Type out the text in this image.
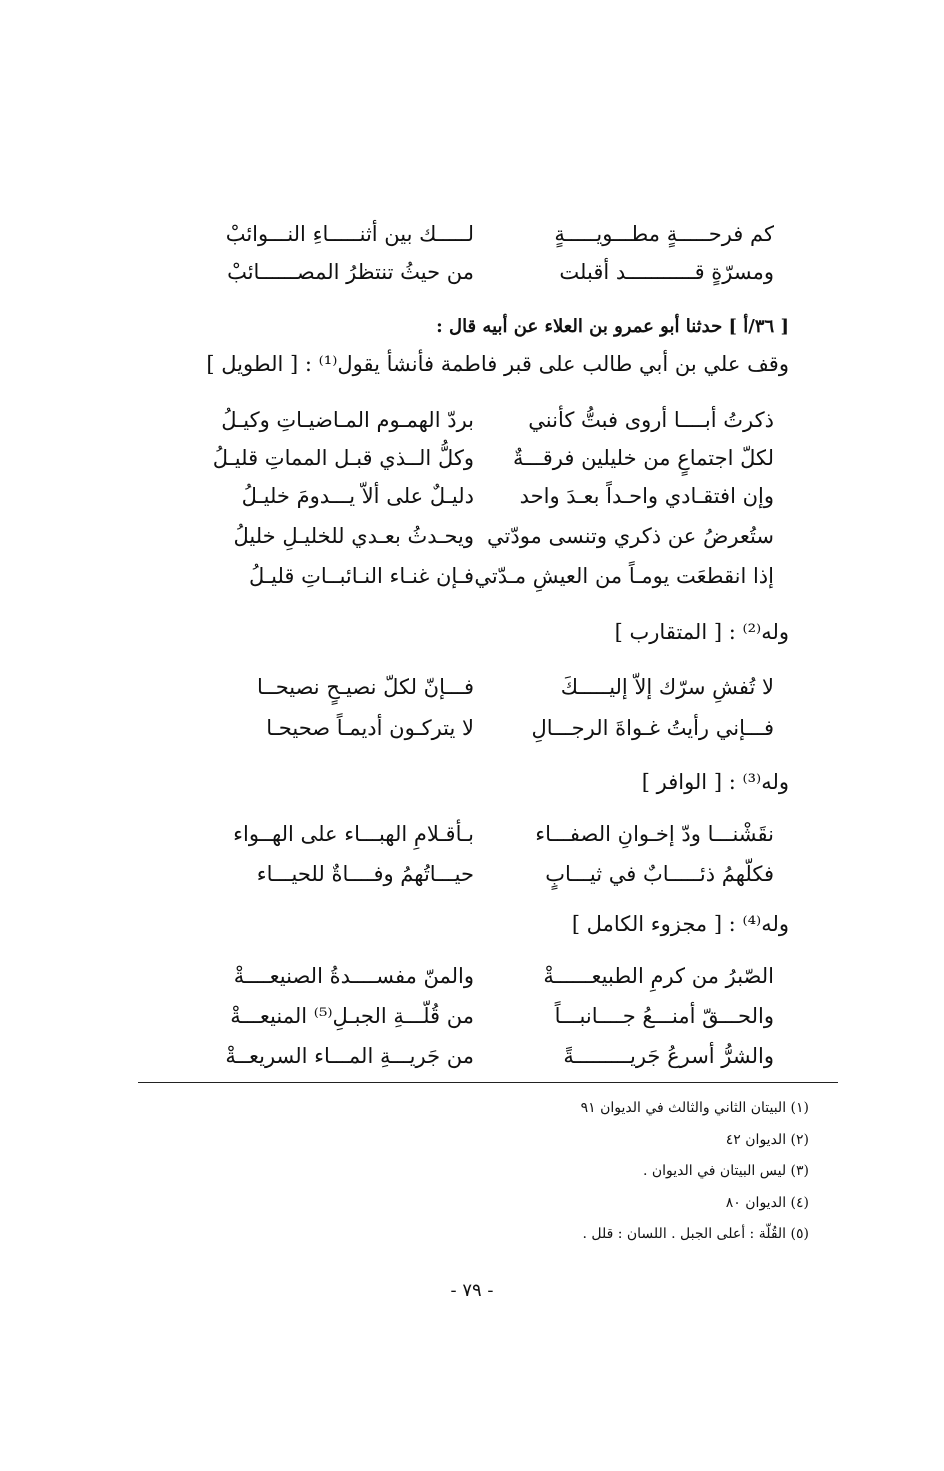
كم فرحـــــةٍ مطـــويـــــةٍ
لـــــك بين أثنـــــاءِ النـــوائبْ
ومسرّةٍ قـــــــــــد أقبلت
من حيثُ تنتظرُ المصــــــائبْ
[ ٣٦/أ ] حدثنا أبو عمرو بن العلاء عن أبيه قال :
وقف علي بن أبي طالب على قبر فاطمة فأنشأ يقول⁽¹⁾ : [ الطويل ]
ذكرتُ أبــــا أروى فبتُّ كأنني
بردّ الهمـوم المـاضيـاتِ وكيـلُ
لكلّ اجتماعٍ من خليلين فرقـــةٌ
وكلُّ الــذي قبـل المماتِ قليـلُ
وإن افتقـادي واحـداً بعـدَ واحد
دليـلٌ على ألاّ يـــدومَ خليـلُ
ستُعرضُ عن ذكري وتنسى مودّتي
ويحـدثُ بعـدي للخليـلِ خليلُ
إذا انقطعَت يومـاً من العيشِ مـدّتي
فـإن غنـاء النـائبــاتِ قليـلُ
وله⁽²⁾ : [ المتقارب ]
لا تُفشِ سرّك إلاّ إليـــــكَ
فـــإنّ لكلّ نصيـحٍ نصيحــا
فـــإني رأيتُ غـواةَ الرجـــالِ
لا يتركـون أديمـاً صحيحـا
وله⁽³⁾ : [ الوافر ]
نقَشْنـــا ودّ إخـوانِ الصفـــاء
بـأقـلامِ الهبـــاء على الهــواء
فكلّهمُ ذئـــــابٌ في ثيـــابٍ
حيـــاتُهمُ وفــــاةٌ للحيـــاء
وله⁽⁴⁾ : [ مجزوء الكامل ]
الصّبرُ من كرمِ الطبيعــــــةْ
والمنّ مفســــدةُ الصنيعــــةْ
والحـــقّ أمنـــعُ جــــانبـــاً
من قُلّـــةِ الجبـلِ⁽⁵⁾ المنيعـــةْ
والشرُّ أسرعُ جَريـــــــــةً
من جَريـــةِ المـــاء السريعــةْ
(١) البيتان الثاني والثالث في الديوان ٩١
(٢) الديوان ٤٢
(٣) ليس البيتان في الديوان .
(٤) الديوان ٨٠
(٥) القُلّة : أعلى الجبل . اللسان : قلل .
- ٧٩ -
